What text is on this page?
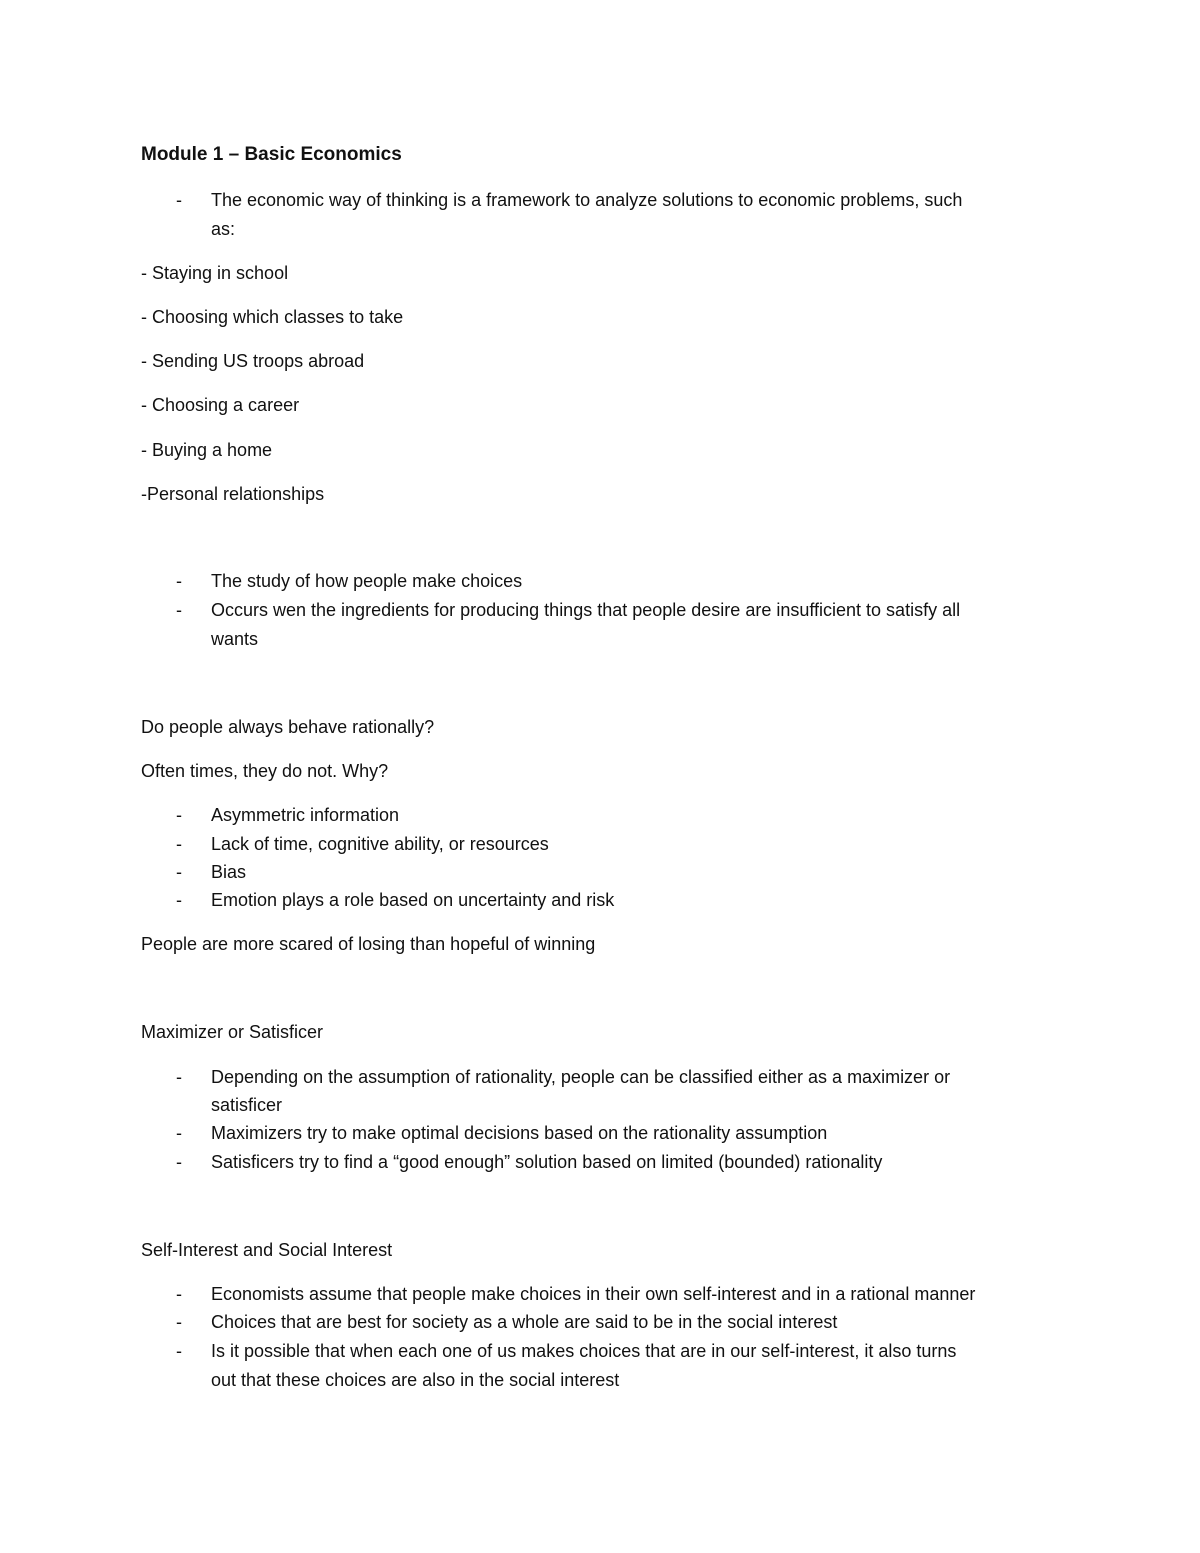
Module 1 – Basic Economics
- The economic way of thinking is a framework to analyze solutions to economic problems, such
as:
- Staying in school
- Choosing which classes to take
- Sending US troops abroad
- Choosing a career
- Buying a home
-Personal relationships
- The study of how people make choices
- Occurs wen the ingredients for producing things that people desire are insufficient to satisfy all
wants
Do people always behave rationally?
Often times, they do not. Why?
- Asymmetric information
- Lack of time, cognitive ability, or resources
- Bias
- Emotion plays a role based on uncertainty and risk
People are more scared of losing than hopeful of winning
Maximizer or Satisficer
- Depending on the assumption of rationality, people can be classified either as a maximizer or
satisficer
- Maximizers try to make optimal decisions based on the rationality assumption
- Satisficers try to find a “good enough” solution based on limited (bounded) rationality
Self-Interest and Social Interest
- Economists assume that people make choices in their own self-interest and in a rational manner
- Choices that are best for society as a whole are said to be in the social interest
- Is it possible that when each one of us makes choices that are in our self-interest, it also turns
out that these choices are also in the social interest
